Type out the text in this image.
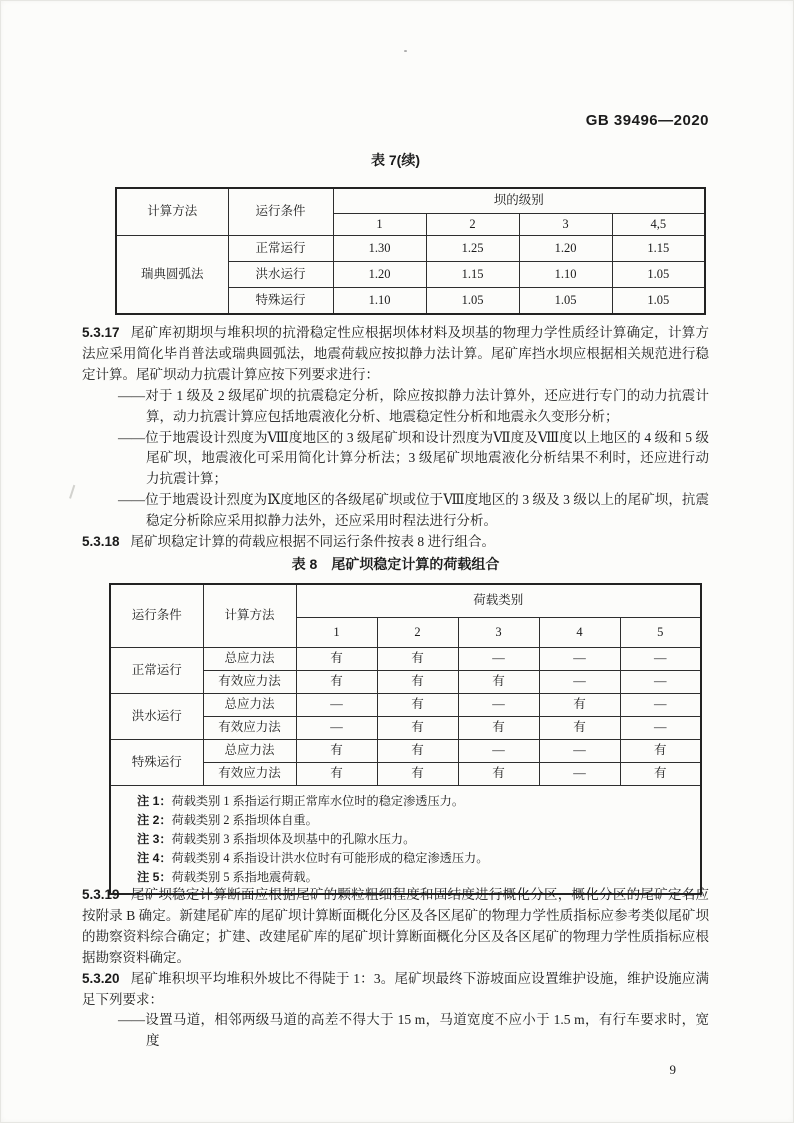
GB 39496—2020
表 7(续)
计算方法	运行条件	坝的级别			
		1	2	3	4,5
瑞典圆弧法	正常运行	1.30	1.25	1.20	1.15
	洪水运行	1.20	1.15	1.10	1.05
	特殊运行	1.10	1.05	1.05	1.05

5.3.17 尾矿库初期坝与堆积坝的抗滑稳定性应根据坝体材料及坝基的物理力学性质经计算确定，计算方法应采用简化毕肖普法或瑞典圆弧法，地震荷载应按拟静力法计算。尾矿库挡水坝应根据相关规范进行稳定计算。尾矿坝动力抗震计算应按下列要求进行：

——对于 1 级及 2 级尾矿坝的抗震稳定分析，除应按拟静力法计算外，还应进行专门的动力抗震计算，动力抗震计算应包括地震液化分析、地震稳定性分析和地震永久变形分析；
——位于地震设计烈度为Ⅷ度地区的 3 级尾矿坝和设计烈度为Ⅶ度及Ⅷ度以上地区的 4 级和 5 级尾矿坝，地震液化可采用简化计算分析法；3 级尾矿坝地震液化分析结果不利时，还应进行动力抗震计算；
——位于地震设计烈度为Ⅸ度地区的各级尾矿坝或位于Ⅷ度地区的 3 级及 3 级以上的尾矿坝，抗震稳定分析除应采用拟静力法外，还应采用时程法进行分析。

5.3.18 尾矿坝稳定计算的荷载应根据不同运行条件按表 8 进行组合。

表 8　尾矿坝稳定计算的荷载组合
运行条件	计算方法	荷载类别				
		1	2	3	4	5
正常运行	总应力法	有	有	—	—	—
	有效应力法	有	有	有	—	—
洪水运行	总应力法	—	有	—	有	—
	有效应力法	—	有	有	有	—
特殊运行	总应力法	有	有	—	—	有
	有效应力法	有	有	有	—	有

注 1：荷载类别 1 系指运行期正常库水位时的稳定渗透压力。
注 2：荷载类别 2 系指坝体自重。
注 3：荷载类别 3 系指坝体及坝基中的孔隙水压力。
注 4：荷载类别 4 系指设计洪水位时有可能形成的稳定渗透压力。
注 5：荷载类别 5 系指地震荷载。						

5.3.19 尾矿坝稳定计算断面应根据尾矿的颗粒粗细程度和固结度进行概化分区，概化分区的尾矿定名应按附录 B 确定。新建尾矿库的尾矿坝计算断面概化分区及各区尾矿的物理力学性质指标应参考类似尾矿坝的勘察资料综合确定；扩建、改建尾矿库的尾矿坝计算断面概化分区及各区尾矿的物理力学性质指标应根据勘察资料确定。

5.3.20 尾矿堆积坝平均堆积外坡比不得陡于 1：3。尾矿坝最终下游坡面应设置维护设施，维护设施应满足下列要求：

——设置马道，相邻两级马道的高差不得大于 15 m，马道宽度不应小于 1.5 m，有行车要求时，宽度
9
